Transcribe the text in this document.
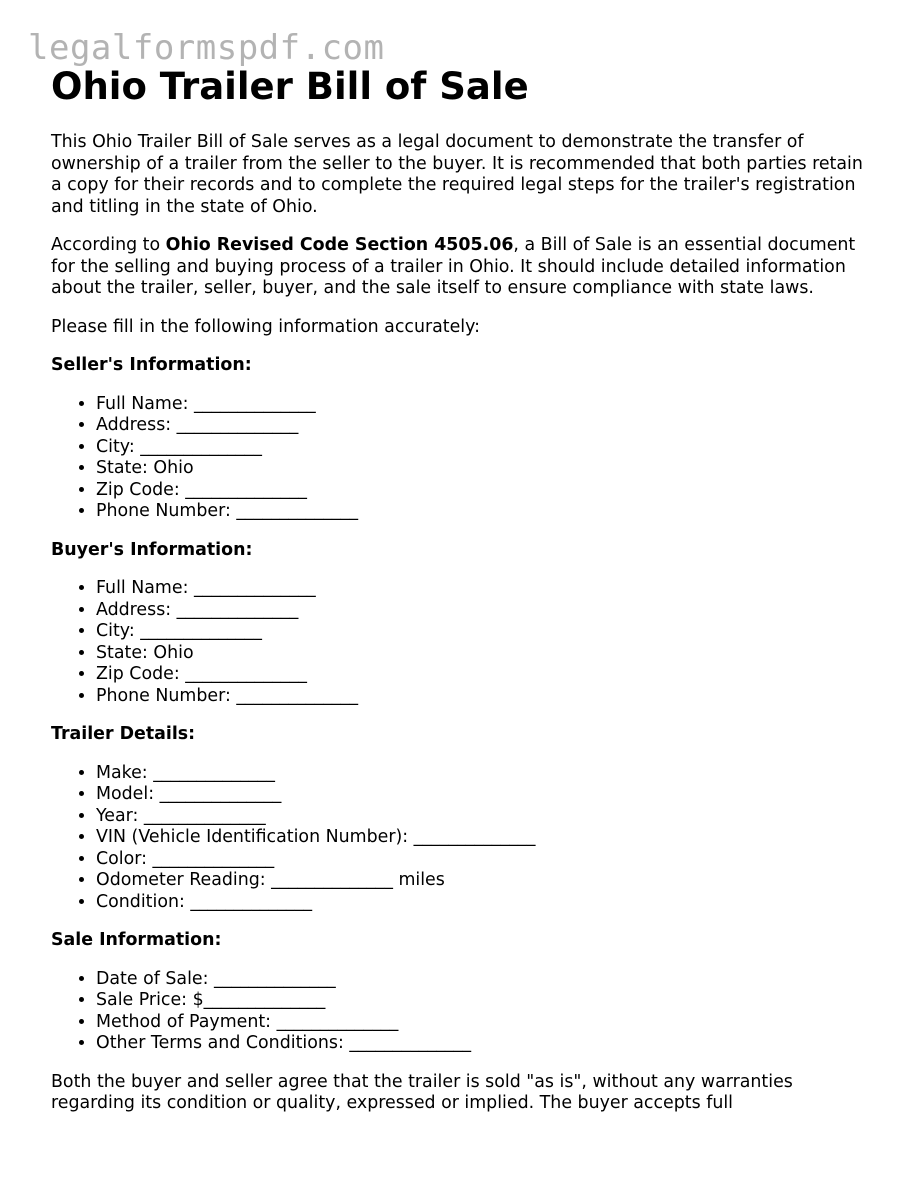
legalformspdf.com
Ohio Trailer Bill of Sale

This Ohio Trailer Bill of Sale serves as a legal document to demonstrate the transfer of ownership of a trailer from the seller to the buyer. It is recommended that both parties retain a copy for their records and to complete the required legal steps for the trailer's registration and titling in the state of Ohio.

According to Ohio Revised Code Section 4505.06, a Bill of Sale is an essential document for the selling and buying process of a trailer in Ohio. It should include detailed information about the trailer, seller, buyer, and the sale itself to ensure compliance with state laws.

Please fill in the following information accurately:

Seller's Information:
• Full Name: ______________
• Address: ______________
• City: ______________
• State: Ohio
• Zip Code: ______________
• Phone Number: ______________
Buyer's Information:
• Full Name: ______________
• Address: ______________
• City: ______________
• State: Ohio
• Zip Code: ______________
• Phone Number: ______________
Trailer Details:
• Make: ______________
• Model: ______________
• Year: ______________
• VIN (Vehicle Identification Number): ______________
• Color: ______________
• Odometer Reading: ______________ miles
• Condition: ______________
Sale Information:
• Date of Sale: ______________
• Sale Price: $______________
• Method of Payment: ______________
• Other Terms and Conditions: ______________

Both the buyer and seller agree that the trailer is sold "as is", without any warranties regarding its condition or quality, expressed or implied. The buyer accepts full
